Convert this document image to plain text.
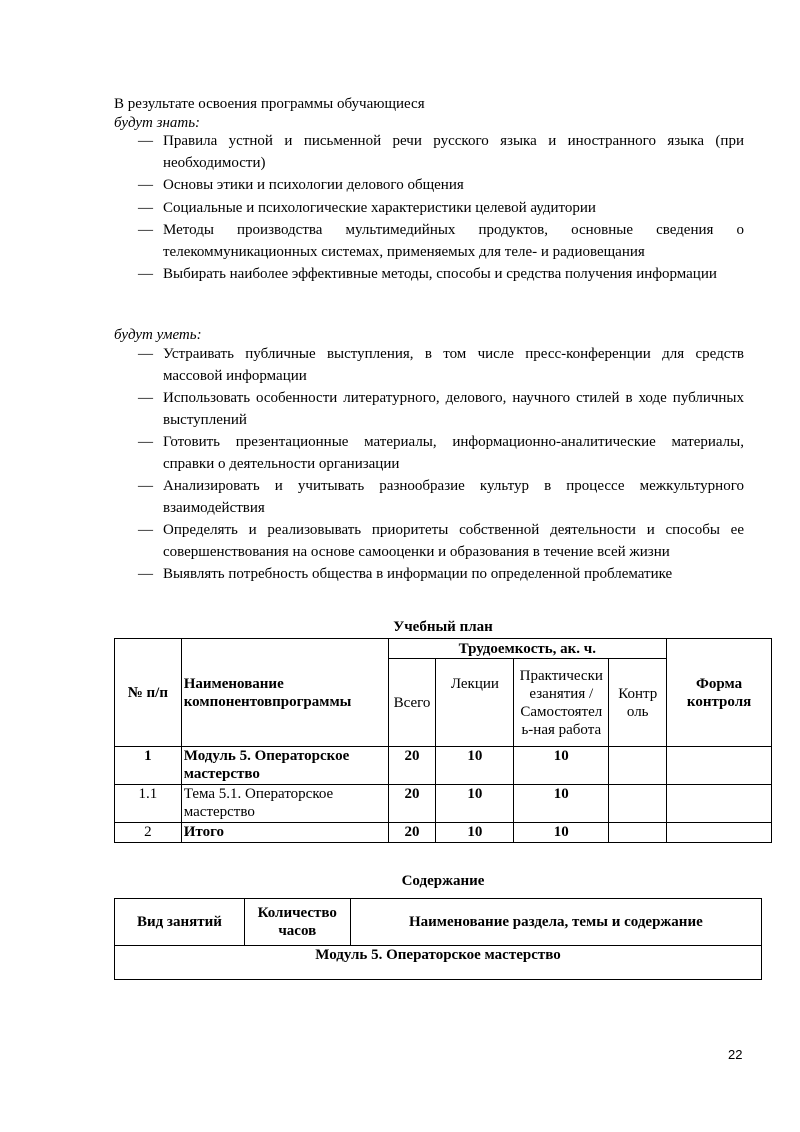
В результате освоения программы обучающиеся
будут знать:
— Правила устной и письменной речи русского языка и иностранного языка (при необходимости)
— Основы этики и психологии делового общения
— Социальные и психологические характеристики целевой аудитории
— Методы производства мультимедийных продуктов, основные сведения о телекоммуникационных системах, применяемых для теле- и радиовещания
— Выбирать наиболее эффективные методы, способы и средства получения информации
будут уметь:
— Устраивать публичные выступления, в том числе пресс-конференции для средств массовой информации
— Использовать особенности литературного, делового, научного стилей в ходе публичных выступлений
— Готовить презентационные материалы, информационно-аналитические материалы, справки о деятельности организации
— Анализировать и учитывать разнообразие культур в процессе межкультурного взаимодействия
— Определять и реализовывать приоритеты собственной деятельности и способы ее совершенствования на основе самооценки и образования в течение всей жизни
— Выявлять потребность общества в информации по определенной проблематике
Учебный план
№ п/п	Наименование компонентовпрограммы	Трудоемкость, ак. ч.				Форма контроля
		Всего	Лекции	Практически езанятия / Самостоятел ь-ная работа	Контр оль	
1	Модуль 5. Операторское мастерство	20	10	10		
1.1	Тема 5.1. Операторское мастерство	20	10	10		
2	Итого	20	10	10		
Содержание
Вид занятий	Количество часов	Наименование раздела, темы и содержание
Модуль 5. Операторское мастерство
22
